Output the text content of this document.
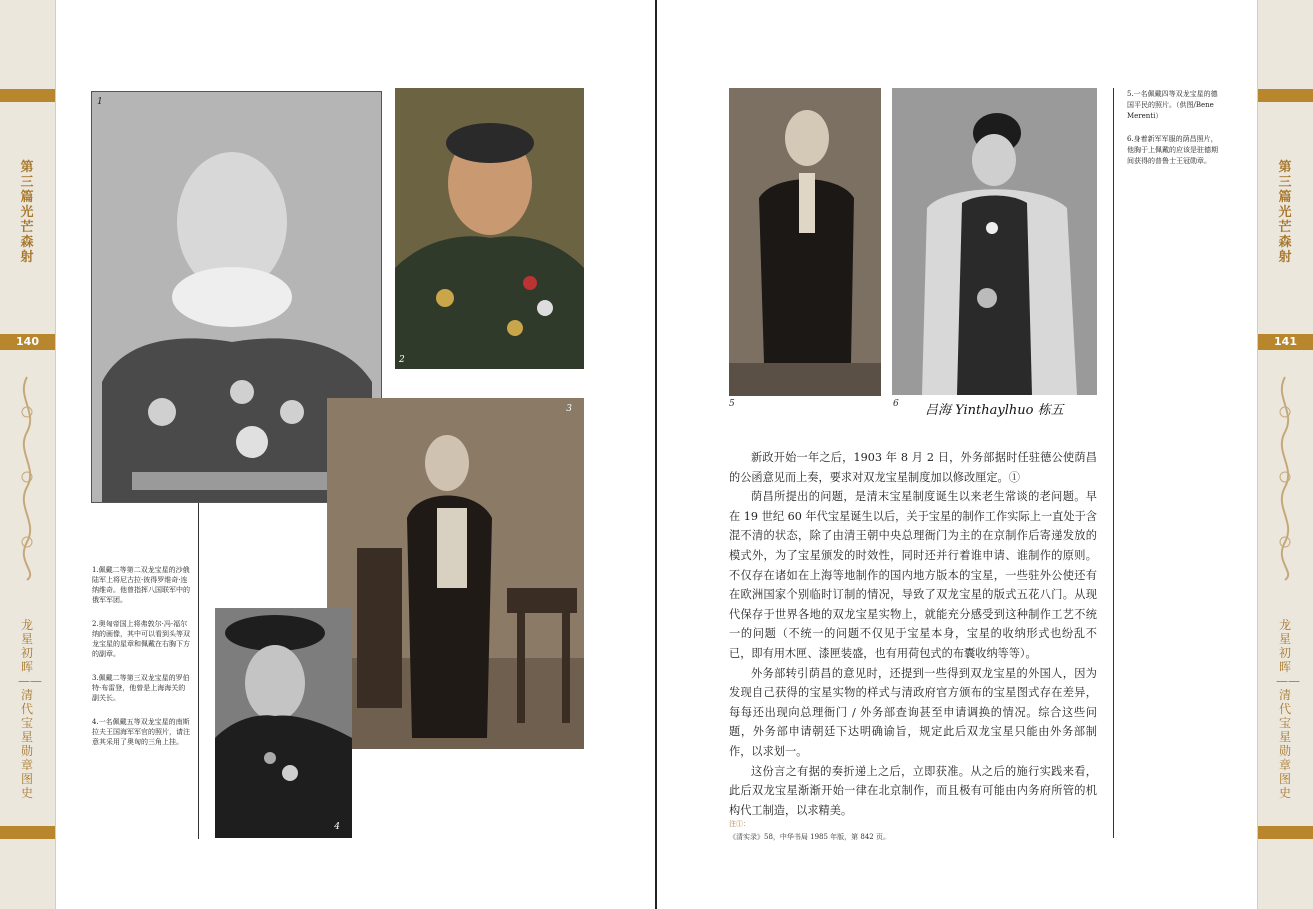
第三篇 光芒森射
140
龙星初晖——清代宝星勋章图史
第三篇 光芒森射
141
龙星初晖——清代宝星勋章图史
1
2
3
4

1.佩戴二等第二双龙宝星的沙俄陆军上将尼古拉·彼得罗维奇·连纳维奇。他曾指挥八国联军中的俄军军团。

2.奥匈帝国上将弗敦尔·冯·福尔纳的画像，其中可以看到头等双龙宝星的星章和佩戴在右胸下方的副章。

3.佩戴二等第三双龙宝星的罗伯特·布雷登，他曾是上海海关的副关长。

4.一名佩戴五等双龙宝星的南斯拉夫王国海军军官的照片，请注意其采用了奥匈的三角上挂。

5	6 吕海 Yinthaylhuo 栋五

5.一名佩戴四等双龙宝星的德国平民的照片。（供图/Bene Merenti）

6.身着新军军服的荫昌照片，他胸于上佩戴的应该是驻德期间获得的普鲁士王冠勋章。

新政开始一年之后，1903 年 8 月 2 日，外务部据时任驻德公使荫昌的公函意见而上奏，要求对双龙宝星制度加以修改厘定。①

荫昌所提出的问题，是清末宝星制度诞生以来老生常谈的老问题。早在 19 世纪 60 年代宝星诞生以后，关于宝星的制作工作实际上一直处于含混不清的状态，除了由清王朝中央总理衙门为主的在京制作后寄递发放的模式外，为了宝星颁发的时效性，同时还并行着谁申请、谁制作的原则。不仅存在诸如在上海等地制作的国内地方版本的宝星，一些驻外公使还有在欧洲国家个别临时订制的情况，导致了双龙宝星的版式五花八门。从现代保存于世界各地的双龙宝星实物上，就能充分感受到这种制作工艺不统一的问题（不统一的问题不仅见于宝星本身，宝星的收纳形式也纷乱不已，即有用木匣、漆匣装盛，也有用荷包式的布囊收纳等等）。

外务部转引荫昌的意见时，还提到一些得到双龙宝星的外国人，因为发现自己获得的宝星实物的样式与清政府官方颁布的宝星图式存在差异，每每还出现向总理衙门 / 外务部查询甚至申请调换的情况。综合这些问题，外务部申请朝廷下达明确谕旨，规定此后双龙宝星只能由外务部制作，以求划一。

这份言之有据的奏折递上之后，立即获准。从之后的施行实践来看，此后双龙宝星渐渐开始一律在北京制作，而且极有可能由内务府所管的机构代工制造，以求精美。

注①：
《清实录》58，中华书局 1985 年版，第 842 页。
